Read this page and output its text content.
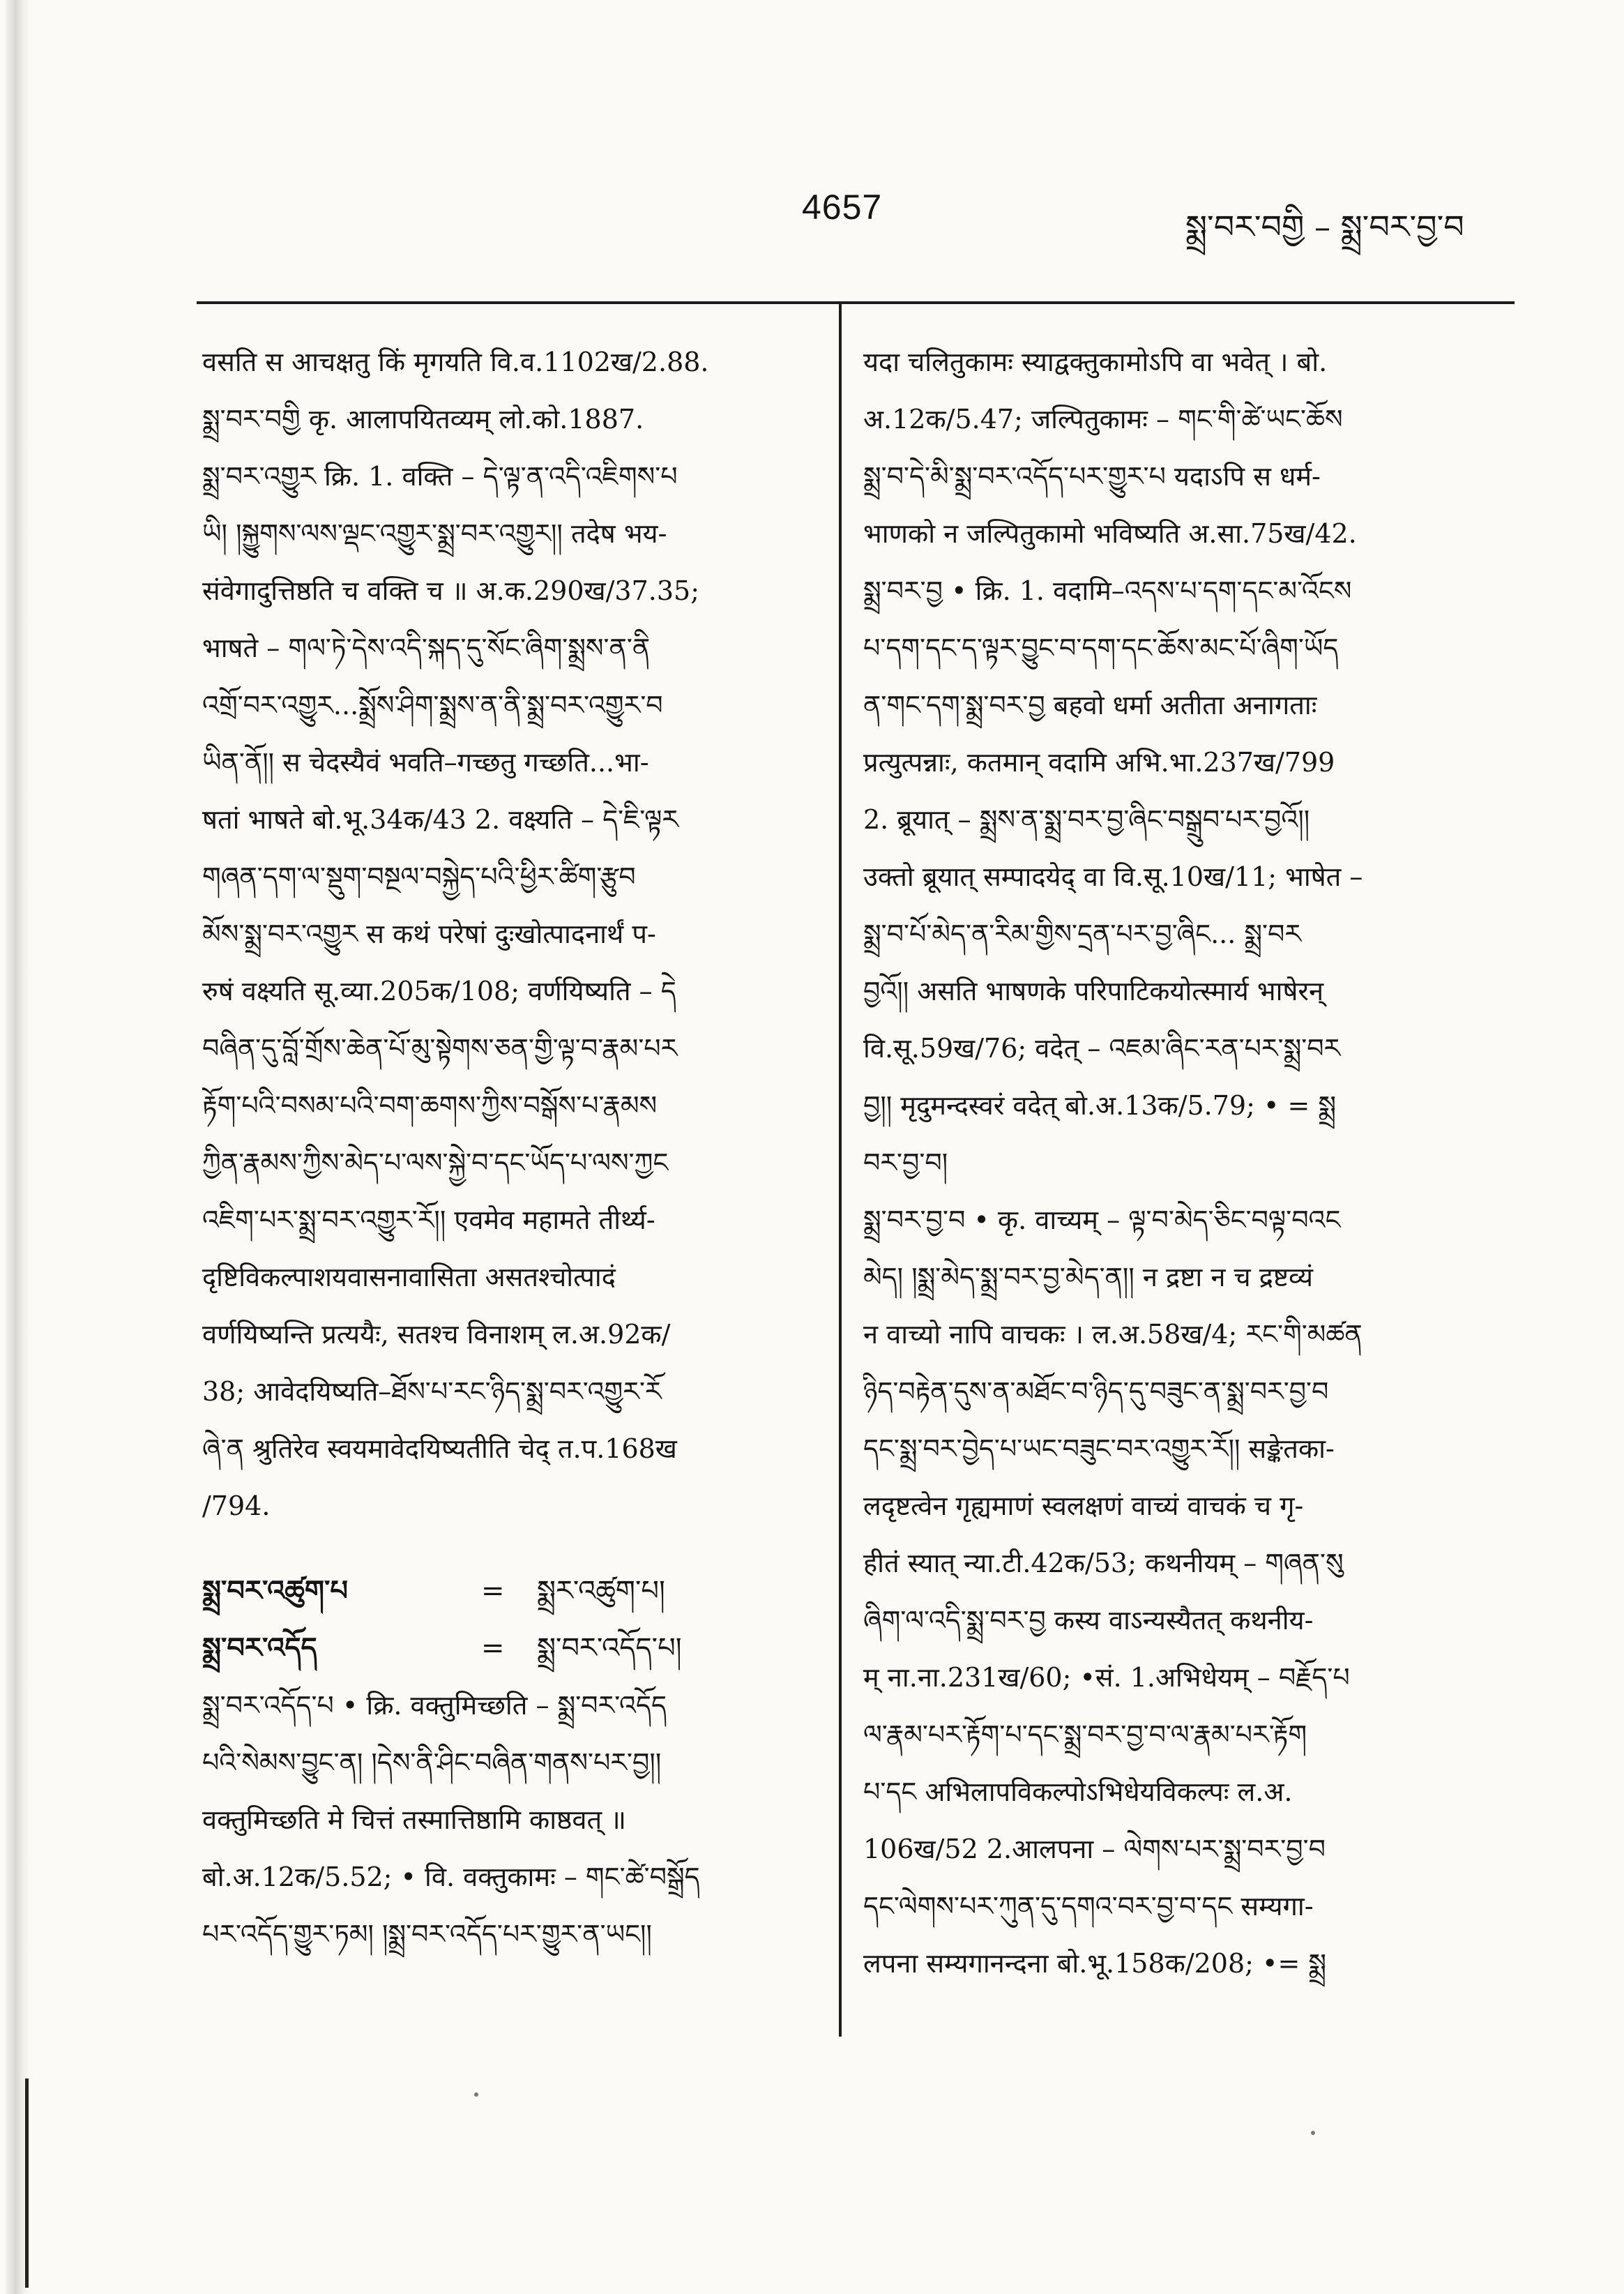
4657	སྨྲ་བར་བགྱི – སྨྲ་བར་བྱ་བ
वसति स आचक्षतु किं मृगयति वि.व.1102ख/2.88.
སྨྲ་བར་བགྱི कृ. आलापयितव्यम् लो.को.1887.
སྨྲ་བར་འགྱུར क्रि. 1. वक्ति – དེ་ལྟ་ན་འདི་འཇིགས་པ
ཡི། །སྐྱུགས་ལས་ལྡང་འགྱུར་སྨྲ་བར་འགྱུར།། तदेष भय-
संवेगादुत्तिष्ठति च वक्ति च ॥ अ.क.290ख/37.35;
भाषते – གལ་ཏེ་དེས་འདི་སྐད་དུ་སོང་ཞིག་སྨྲས་ན་ནི
འགྲོ་བར་འགྱུར...སྨྲོས་ཤིག་སྨྲས་ན་ནི་སྨྲ་བར་འགྱུར་བ
ཡིན་ནོ།། स चेदस्यैवं भवति–गच्छतु गच्छति...भा-
षतां भाषते बो.भू.34क/43 2. वक्ष्यति – དེ་ཇི་ལྟར
གཞན་དག་ལ་སྡུག་བསྔལ་བསྐྱེད་པའི་ཕྱིར་ཚིག་རྩུབ
མོས་སྨྲ་བར་འགྱུར स कथं परेषां दुःखोत्पादनार्थं प-
रुषं वक्ष्यति सू.व्या.205क/108; वर्णयिष्यति – དེ
བཞིན་དུ་བློ་གྲོས་ཆེན་པོ་མུ་སྟེགས་ཅན་གྱི་ལྟ་བ་རྣམ་པར
རྟོག་པའི་བསམ་པའི་བག་ཆགས་ཀྱིས་བསྒོས་པ་རྣམས
ཀྱིན་རྣམས་ཀྱིས་མེད་པ་ལས་སྐྱེ་བ་དང་ཡོད་པ་ལས་ཀྱང
འཇིག་པར་སྨྲ་བར་འགྱུར་རོ།། एवमेव महामते तीर्थ्य-
दृष्टिविकल्पाशयवासनावासिता असतश्चोत्पादं
वर्णयिष्यन्ति प्रत्ययैः, सतश्च विनाशम् ल.अ.92क/
38; आवेदयिष्यति–ཐོས་པ་རང་ཉིད་སྨྲ་བར་འགྱུར་རོ
ཞེ་ན श्रुतिरेव स्वयमावेदयिष्यतीति चेद् त.प.168ख
/794.
སྨྲ་བར་འཚུག་པ	= སྨྲར་འཚུག་པ།
སྨྲ་བར་འདོད	= སྨྲ་བར་འདོད་པ།
སྨྲ་བར་འདོད་པ • क्रि. वक्तुमिच्छति – སྨྲ་བར་འདོད
པའི་སེམས་བྱུང་ན། །དེས་ནི་ཤིང་བཞིན་གནས་པར་བྱ།།
वक्तुमिच्छति मे चित्तं तस्मात्तिष्ठामि काष्ठवत् ॥
बो.अ.12क/5.52; • वि. वक्तुकामः – གང་ཚེ་བསྒྲོད
པར་འདོད་གྱུར་ཏམ། །སྨྲ་བར་འདོད་པར་གྱུར་ན་ཡང།།
यदा चलितुकामः स्याद्वक्तुकामोऽपि वा भवेत् । बो.
अ.12क/5.47; जल्पितुकामः – གང་གི་ཚེ་ཡང་ཆོས
སྨྲ་བ་དེ་མི་སྨྲ་བར་འདོད་པར་གྱུར་པ यदाऽपि स धर्म-
भाणको न जल्पितुकामो भविष्यति अ.सा.75ख/42.
སྨྲ་བར་བྱ • क्रि. 1. वदामि–འདས་པ་དག་དང་མ་འོངས
པ་དག་དང་ད་ལྟར་བྱུང་བ་དག་དང་ཆོས་མང་པོ་ཞིག་ཡོད
ན་གང་དག་སྨྲ་བར་བྱ बहवो धर्मा अतीता अनागताः
प्रत्युत्पन्नाः, कतमान् वदामि अभि.भा.237ख/799
2. ब्रूयात् – སྨྲས་ན་སྨྲ་བར་བྱ་ཞིང་བསྒྲུབ་པར་བྱའོ།།
उक्तो ब्रूयात् सम्पादयेद् वा वि.सू.10ख/11; भाषेत –
སྨྲ་བ་པོ་མེད་ན་རིམ་གྱིས་དྲན་པར་བྱ་ཞིང... སྨྲ་བར
བྱའོ།། असति भाषणके परिपाटिकयोत्स्मार्य भाषेरन्
वि.सू.59ख/76; वदेत् – འཇམ་ཞིང་རན་པར་སྨྲ་བར
བྱ།། मृदुमन्दस्वरं वदेत् बो.अ.13क/5.79; • = སྨྲ
བར་བྱ་བ།
སྨྲ་བར་བྱ་བ • कृ. वाच्यम् – ལྟ་བ་མེད་ཅིང་བལྟ་བའང
མེད། །སྨྲ་མེད་སྨྲ་བར་བྱ་མེད་ན།། न द्रष्टा न च द्रष्टव्यं
न वाच्यो नापि वाचकः । ल.अ.58ख/4; རང་གི་མཚན
ཉིད་བརྟེན་དུས་ན་མཐོང་བ་ཉིད་དུ་བཟུང་ན་སྨྲ་བར་བྱ་བ
དང་སྨྲ་བར་བྱེད་པ་ཡང་བཟུང་བར་འགྱུར་རོ།། सङ्केतका-
लदृष्टत्वेन गृह्यमाणं स्वलक्षणं वाच्यं वाचकं च गृ-
हीतं स्यात् न्या.टी.42क/53; कथनीयम् – གཞན་སུ
ཞིག་ལ་འདི་སྨྲ་བར་བྱ कस्य वाऽन्यस्यैतत् कथनीय-
म् ना.ना.231ख/60; •सं. 1.अभिधेयम् – བརྗོད་པ
ལ་རྣམ་པར་རྟོག་པ་དང་སྨྲ་བར་བྱ་བ་ལ་རྣམ་པར་རྟོག
པ་དང अभिलापविकल्पोऽभिधेयविकल्पः ल.अ.
106ख/52 2.आलपना – ལེགས་པར་སྨྲ་བར་བྱ་བ
དང་ལེགས་པར་ཀུན་དུ་དགའ་བར་བྱ་བ་དང सम्यगा-
लपना सम्यगानन्दना बो.भू.158क/208; •= སྨྲ
